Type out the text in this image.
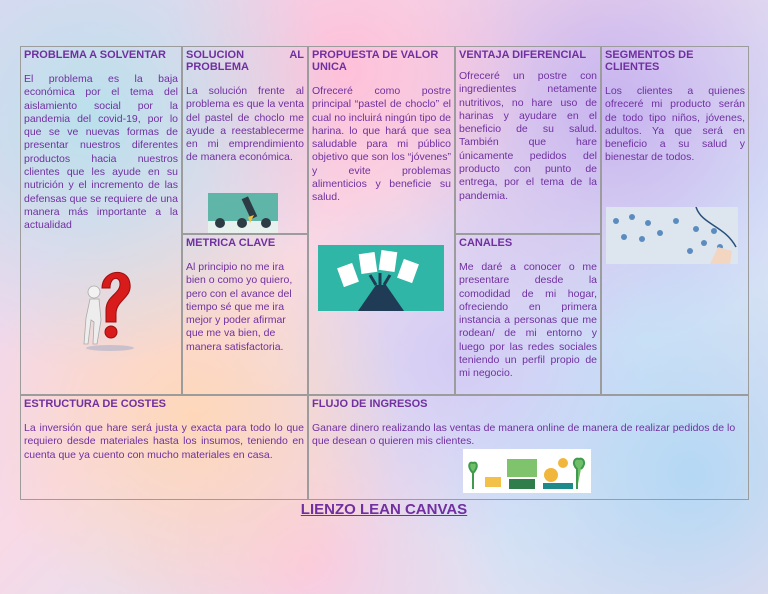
PROBLEMA A SOLVENTAR
El problema es la baja económica por el tema del aislamiento social por la pandemia del covid-19, por lo que se ve nuevas formas de presentar nuestros diferentes productos hacia nuestros clientes que les ayude en su nutrición y el incremento de las defensas que se requiere de una manera más importante a la actualidad
SOLUCION	AL
PROBLEMA
La solución frente al problema es que la venta del pastel de choclo me ayude a reestablecerme en mi emprendimiento de manera económica.
METRICA CLAVE
Al principio no me ira bien o como yo quiero, pero con el avance del tiempo sé que me ira mejor y poder afirmar que me va bien, de manera satisfactoria.
PROPUESTA DE VALOR UNICA
Ofreceré como postre principal “pastel de choclo” el cual no incluirá ningún tipo de harina. lo que hará que sea saludable para mi público objetivo que son los “jóvenes” y evite problemas alimenticios y beneficie su salud.
VENTAJA DIFERENCIAL
Ofreceré un postre con ingredientes netamente nutritivos, no hare uso de harinas y ayudare en el beneficio de su salud. También que hare únicamente pedidos del producto con punto de entrega, por el tema de la pandemia.
CANALES
Me daré a conocer o me presentare desde la comodidad de mi hogar, ofreciendo en primera instancia a personas que me rodean/ de mi entorno y luego por las redes sociales teniendo un perfil propio de mi negocio.
SEGMENTOS DE CLIENTES
Los clientes a quienes ofreceré mi producto serán de todo tipo niños, jóvenes, adultos. Ya que será en beneficio a su salud y bienestar de todos.
ESTRUCTURA DE COSTES
La inversión que hare será justa y exacta para todo lo que requiero desde materiales hasta los insumos, teniendo en cuenta que ya cuento con mucho materiales en casa.
FLUJO DE INGRESOS
Ganare dinero realizando las ventas de manera online de manera de realizar pedidos de lo que desean o quieren mis clientes.
LIENZO LEAN CANVAS
